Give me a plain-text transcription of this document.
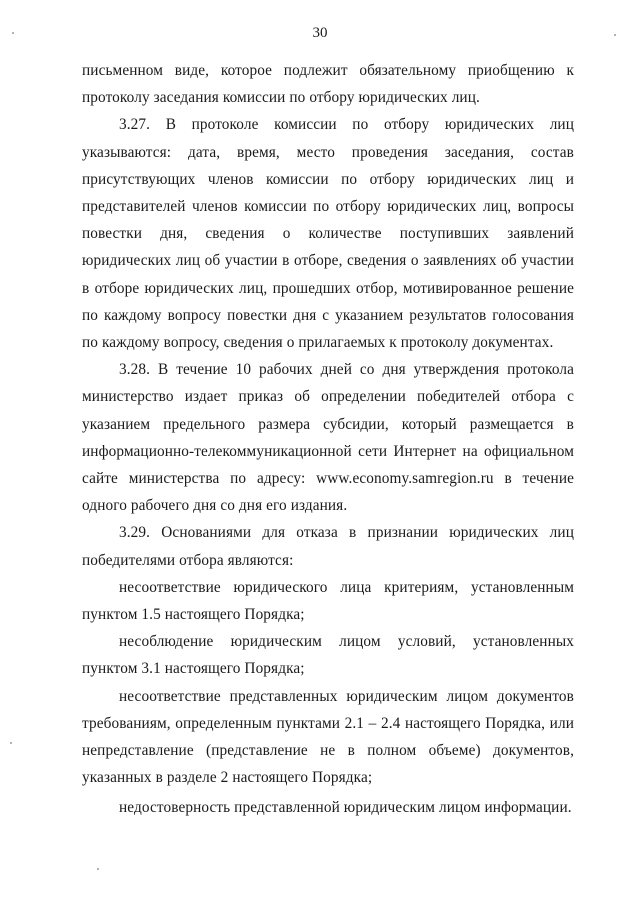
30

письменном виде, которое подлежит обязательному приобщению к протоколу заседания комиссии по отбору юридических лиц.

3.27. В протоколе комиссии по отбору юридических лиц указываются: дата, время, место проведения заседания, состав присутствующих членов комиссии по отбору юридических лиц и представителей членов комиссии по отбору юридических лиц, вопросы повестки дня, сведения о количестве поступивших заявлений юридических лиц об участии в отборе, сведения о заявлениях об участии в отборе юридических лиц, прошедших отбор, мотивированное решение по каждому вопросу повестки дня с указанием результатов голосования по каждому вопросу, сведения о прилагаемых к протоколу документах.

3.28. В течение 10 рабочих дней со дня утверждения протокола министерство издает приказ об определении победителей отбора с указанием предельного размера субсидии, который размещается в информационно-телекоммуникационной сети Интернет на официальном сайте министерства по адресу: www.economy.samregion.ru в течение одного рабочего дня со дня его издания.

3.29. Основаниями для отказа в признании юридических лиц победителями отбора являются:

несоответствие юридического лица критериям, установленным пунктом 1.5 настоящего Порядка;

несоблюдение юридическим лицом условий, установленных пунктом 3.1 настоящего Порядка;

несоответствие представленных юридическим лицом документов требованиям, определенным пунктами 2.1 – 2.4 настоящего Порядка, или непредставление (представление не в полном объеме) документов, указанных в разделе 2 настоящего Порядка;

недостоверность представленной юридическим лицом информации.
